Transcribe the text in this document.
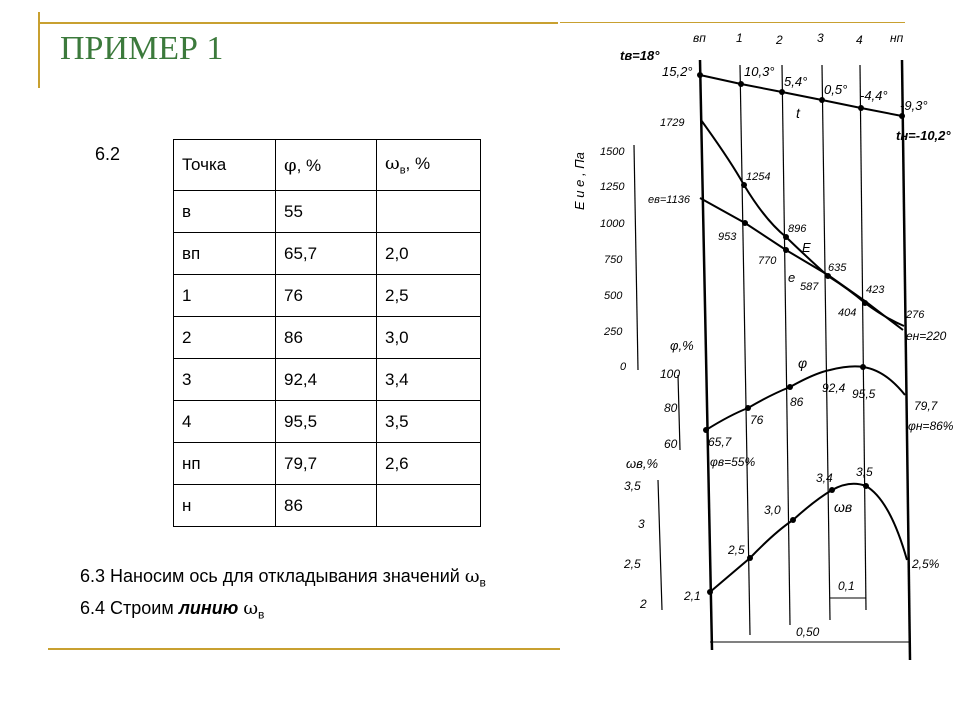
ПРИМЕР 1
6.2
Точка	φ, %	$\omega_в$, %
в	55	
вп	65,7	2,0
1	76	2,5
2	86	3,0
3	92,4	3,4
4	95,5	3,5
нп	79,7	2,6
н	86	
6.3 Наносим ось для откладывания значений $\omega_в$
6.4 Строим линию $\omega_в$
вп	1	2	3	4 нп
tв=18°
tн=-10,2°
t
15,2°	10,3°
5,4°
0,5° -4,4°
-9,3°
E и е , Па
1500
1250
1000
750
500
250
0
E
e
1729
1254
896
635
423
276
953
770
587
404
eв=1136
eн=220
φ,%
100
80
60
φ
65,7
76
86
92,4 95,5
79,7
φв=55%
φн=86%
ωв,%
3,5
3
2,5
2
ωв
2,1
2,5
3,0
3,4 3,5
2,5%
0,1
0,50
